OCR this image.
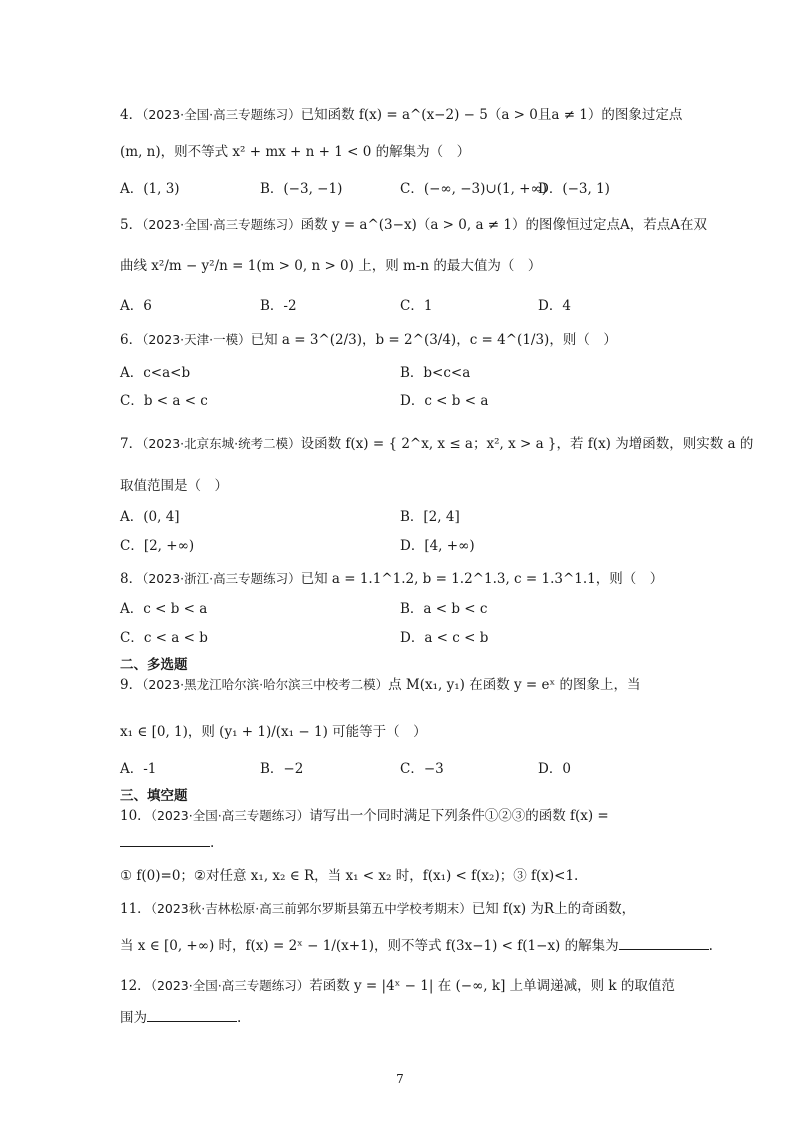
4．（2023·全国·高三专题练习）已知函数 f(x) = a^(x−2) − 5（a > 0且a ≠ 1）的图象过定点
(m, n)，则不等式 x² + mx + n + 1 < 0 的解集为（　）
A．(1, 3)	B．(−3, −1)	C．(−∞, −3)∪(1, +∞)
D．(−3, 1)
5．（2023·全国·高三专题练习）函数 y = a^(3−x)（a > 0, a ≠ 1）的图像恒过定点A，若点A在双
曲线 x²/m − y²/n = 1(m > 0, n > 0) 上，则 m-n 的最大值为（　）
A．6	B．-2	C．1	D．4
6．（2023·天津·一模）已知 a = 3^(2/3)，b = 2^(3/4)，c = 4^(1/3)，则（　）
A．c<a<b	B．b<c<a
C．b < a < c	D．c < b < a
7．（2023·北京东城·统考二模）设函数 f(x) = { 2^x, x ≤ a；x², x > a }，若 f(x) 为增函数，则实数 a 的
取值范围是（　）
A．(0, 4]	B．[2, 4]
C．[2, +∞)	D．[4, +∞)
8．（2023·浙江·高三专题练习）已知 a = 1.1^1.2, b = 1.2^1.3, c = 1.3^1.1，则（　）
A．c < b < a	B．a < b < c
C．c < a < b	D．a < c < b
二、多选题
9．（2023·黑龙江哈尔滨·哈尔滨三中校考二模）点 M(x₁, y₁) 在函数 y = eˣ 的图象上，当
x₁ ∈ [0, 1)，则 (y₁ + 1)/(x₁ − 1) 可能等于（　）
A．-1	B．−2	C．−3	D．0
三、填空题
10．（2023·全国·高三专题练习）请写出一个同时满足下列条件①②③的函数 f(x) =
.
① f(0)=0；②对任意 x₁, x₂ ∈ R，当 x₁ < x₂ 时，f(x₁) < f(x₂)；③ f(x)<1.
11．（2023秋·吉林松原·高三前郭尔罗斯县第五中学校考期末）已知 f(x) 为R上的奇函数，
当 x ∈ [0, +∞) 时，f(x) = 2ˣ − 1/(x+1)，则不等式 f(3x−1) < f(1−x) 的解集为	.
12．（2023·全国·高三专题练习）若函数 y = |4ˣ − 1| 在 (−∞, k] 上单调递减，则 k 的取值范
围为	.
7
